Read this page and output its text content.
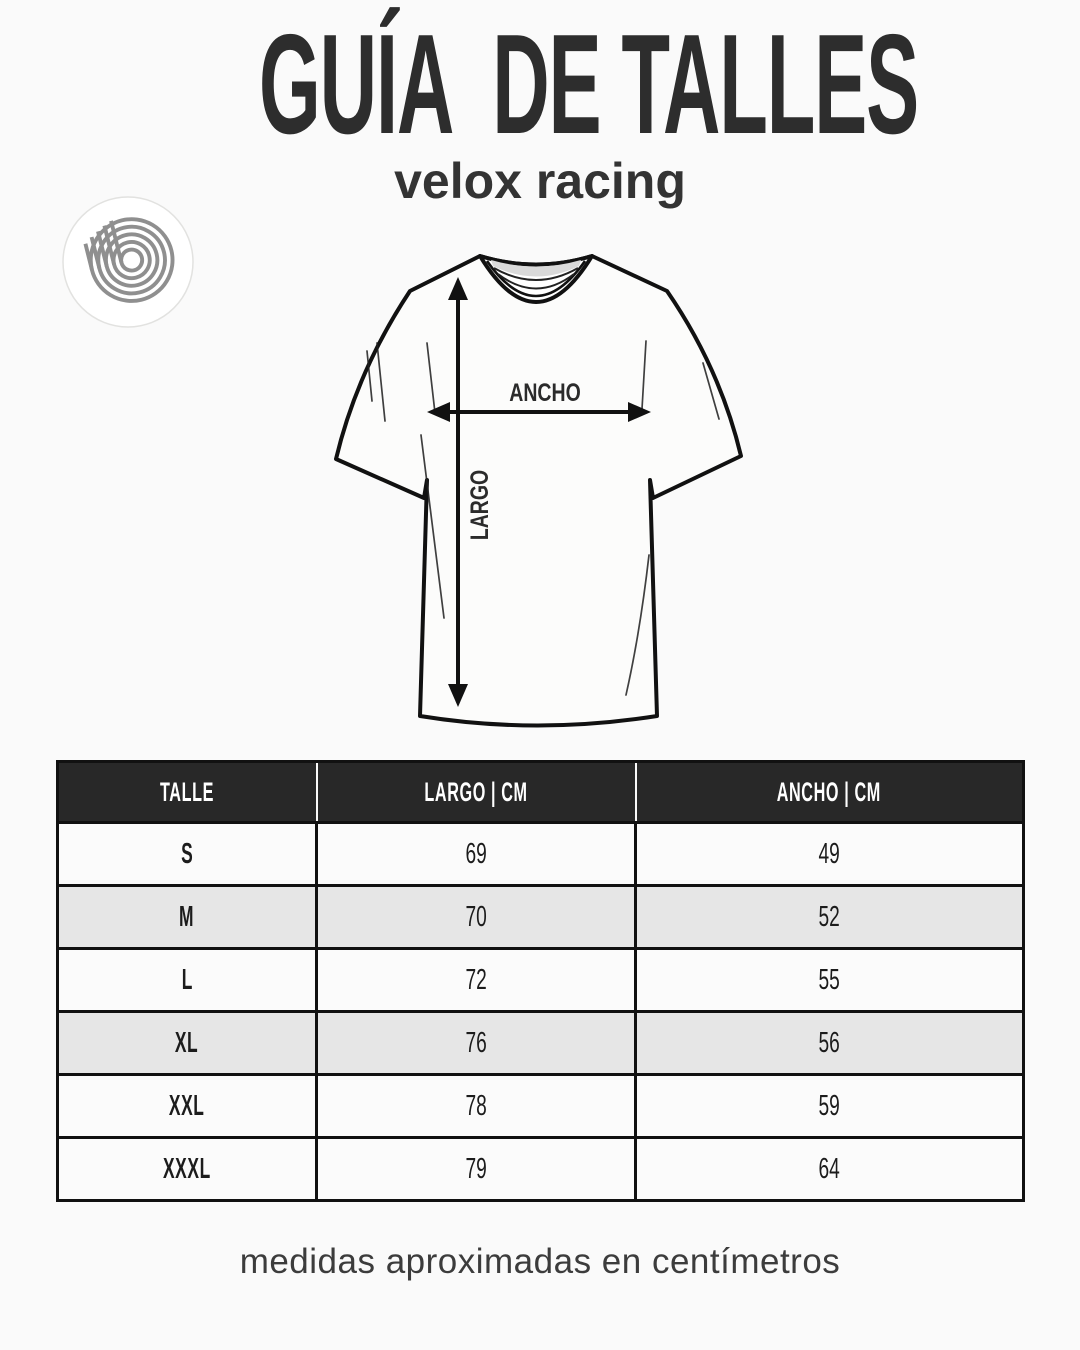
GUÍA  DE TALLES
velox racing
ANCHO
LARGO
TALLE	LARGO | CM	ANCHO | CM
S	69	49
M	70	52
L	72	55
XL	76	56
XXL	78	59
XXXL	79	64
medidas aproximadas en centímetros
